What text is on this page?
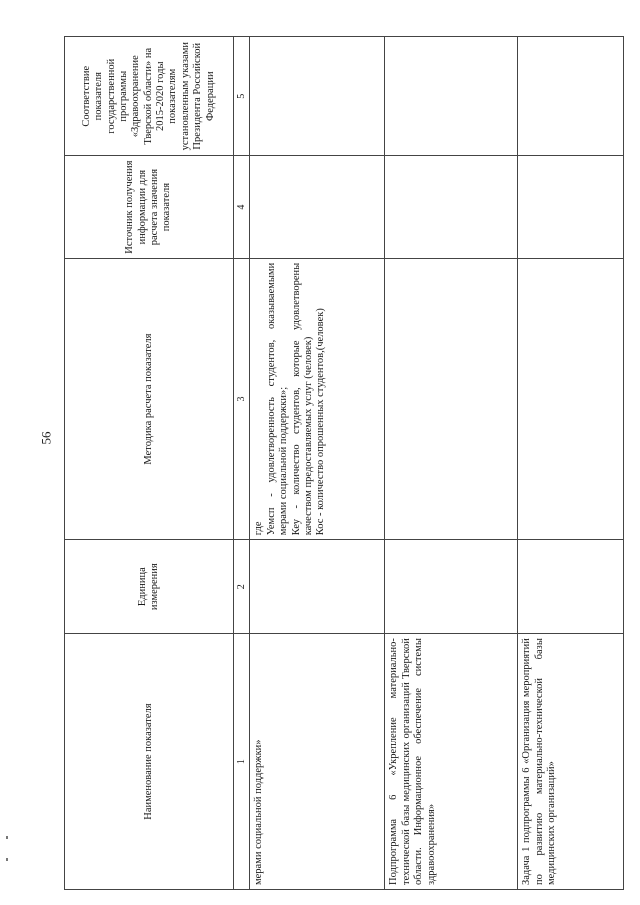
56
Наименование показателя	Единица измерения	Методика расчета показателя	Источник получения информации для расчета значения показателя	Соответствие показателя государственной программы «Здравоохранение Тверской области» на 2015-2020 годы показателям установленным указами Президента Российской Федерации
1	2	3	4	5
мерами социальной поддержки»		где Уемсп - удовлетворенность студентов, оказываемыми мерами социальной поддержки»; Кеу - количество студентов, которые удовлетворены качеством предоставляемых услуг (человек) Кос - количество опрошенных студентов,(человек)		

Подпрограмма 6 «Укрепление материально-технической базы медицинских организаций Тверской области. Информационное обеспечение системы здравоохранения»				
Задача 1 подпрограммы 6 «Организация мероприятий по развитию материально-технической базы медицинских организаций»				
